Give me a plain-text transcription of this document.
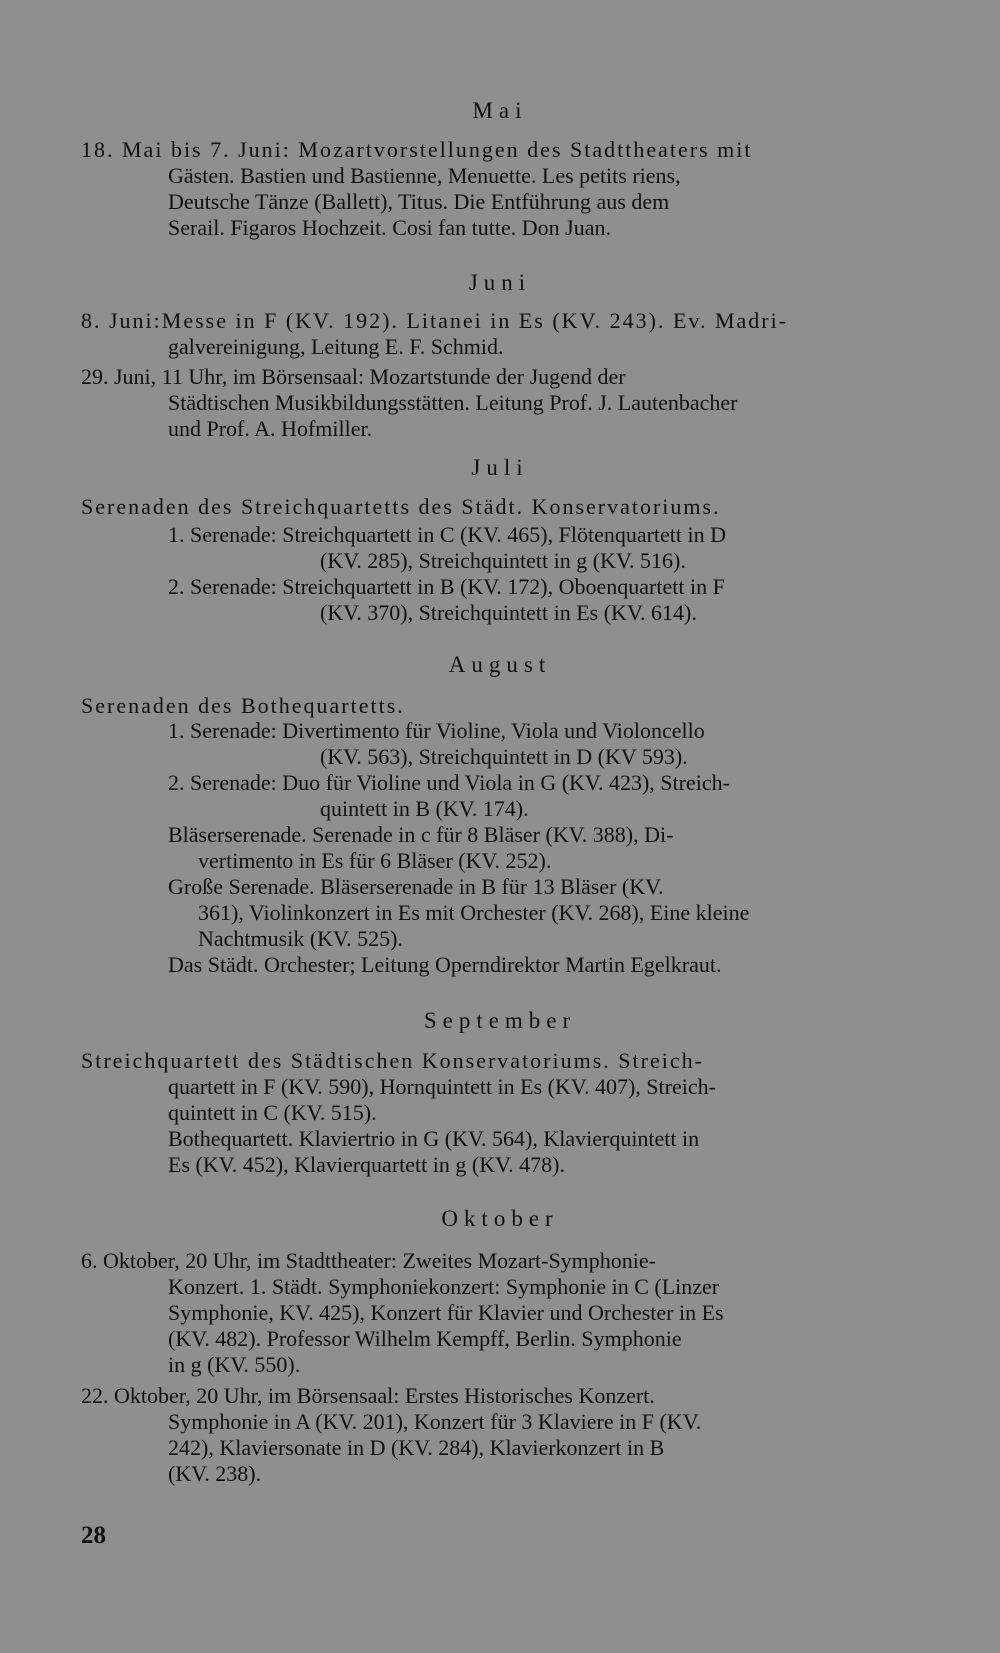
Mai
18. Mai bis 7. Juni: Mozartvorstellungen des Stadttheaters mit
Gästen. Bastien und Bastienne, Menuette. Les petits riens,
Deutsche Tänze (Ballett), Titus. Die Entführung aus dem
Serail. Figaros Hochzeit. Cosi fan tutte. Don Juan.
Juni
8. Juni:Messe in F (KV. 192). Litanei in Es (KV. 243). Ev. Madri-
galvereinigung, Leitung E. F. Schmid.
29. Juni, 11 Uhr, im Börsensaal: Mozartstunde der Jugend der
Städtischen Musikbildungsstätten. Leitung Prof. J. Lautenbacher
und Prof. A. Hofmiller.
Juli
Serenaden des Streichquartetts des Städt. Konservatoriums.
1. Serenade: Streichquartett in C (KV. 465), Flötenquartett in D
(KV. 285), Streichquintett in g (KV. 516).
2. Serenade: Streichquartett in B (KV. 172), Oboenquartett in F
(KV. 370), Streichquintett in Es (KV. 614).
August
Serenaden des Bothequartetts.
1. Serenade: Divertimento für Violine, Viola und Violoncello
(KV. 563), Streichquintett in D (KV 593).
2. Serenade: Duo für Violine und Viola in G (KV. 423), Streich-
quintett in B (KV. 174).
Bläserserenade. Serenade in c für 8 Bläser (KV. 388), Di-
vertimento in Es für 6 Bläser (KV. 252).
Große Serenade. Bläserserenade in B für 13 Bläser (KV.
361), Violinkonzert in Es mit Orchester (KV. 268), Eine kleine
Nachtmusik (KV. 525).
Das Städt. Orchester; Leitung Operndirektor Martin Egelkraut.
September
Streichquartett des Städtischen Konservatoriums. Streich-
quartett in F (KV. 590), Hornquintett in Es (KV. 407), Streich-
quintett in C (KV. 515).
Bothequartett. Klaviertrio in G (KV. 564), Klavierquintett in
Es (KV. 452), Klavierquartett in g (KV. 478).
Oktober
6. Oktober, 20 Uhr, im Stadttheater: Zweites Mozart-Symphonie-
Konzert. 1. Städt. Symphoniekonzert: Symphonie in C (Linzer
Symphonie, KV. 425), Konzert für Klavier und Orchester in Es
(KV. 482). Professor Wilhelm Kempff, Berlin. Symphonie
in g (KV. 550).
22. Oktober, 20 Uhr, im Börsensaal: Erstes Historisches Konzert.
Symphonie in A (KV. 201), Konzert für 3 Klaviere in F (KV.
242), Klaviersonate in D (KV. 284), Klavierkonzert in B
(KV. 238).
28
